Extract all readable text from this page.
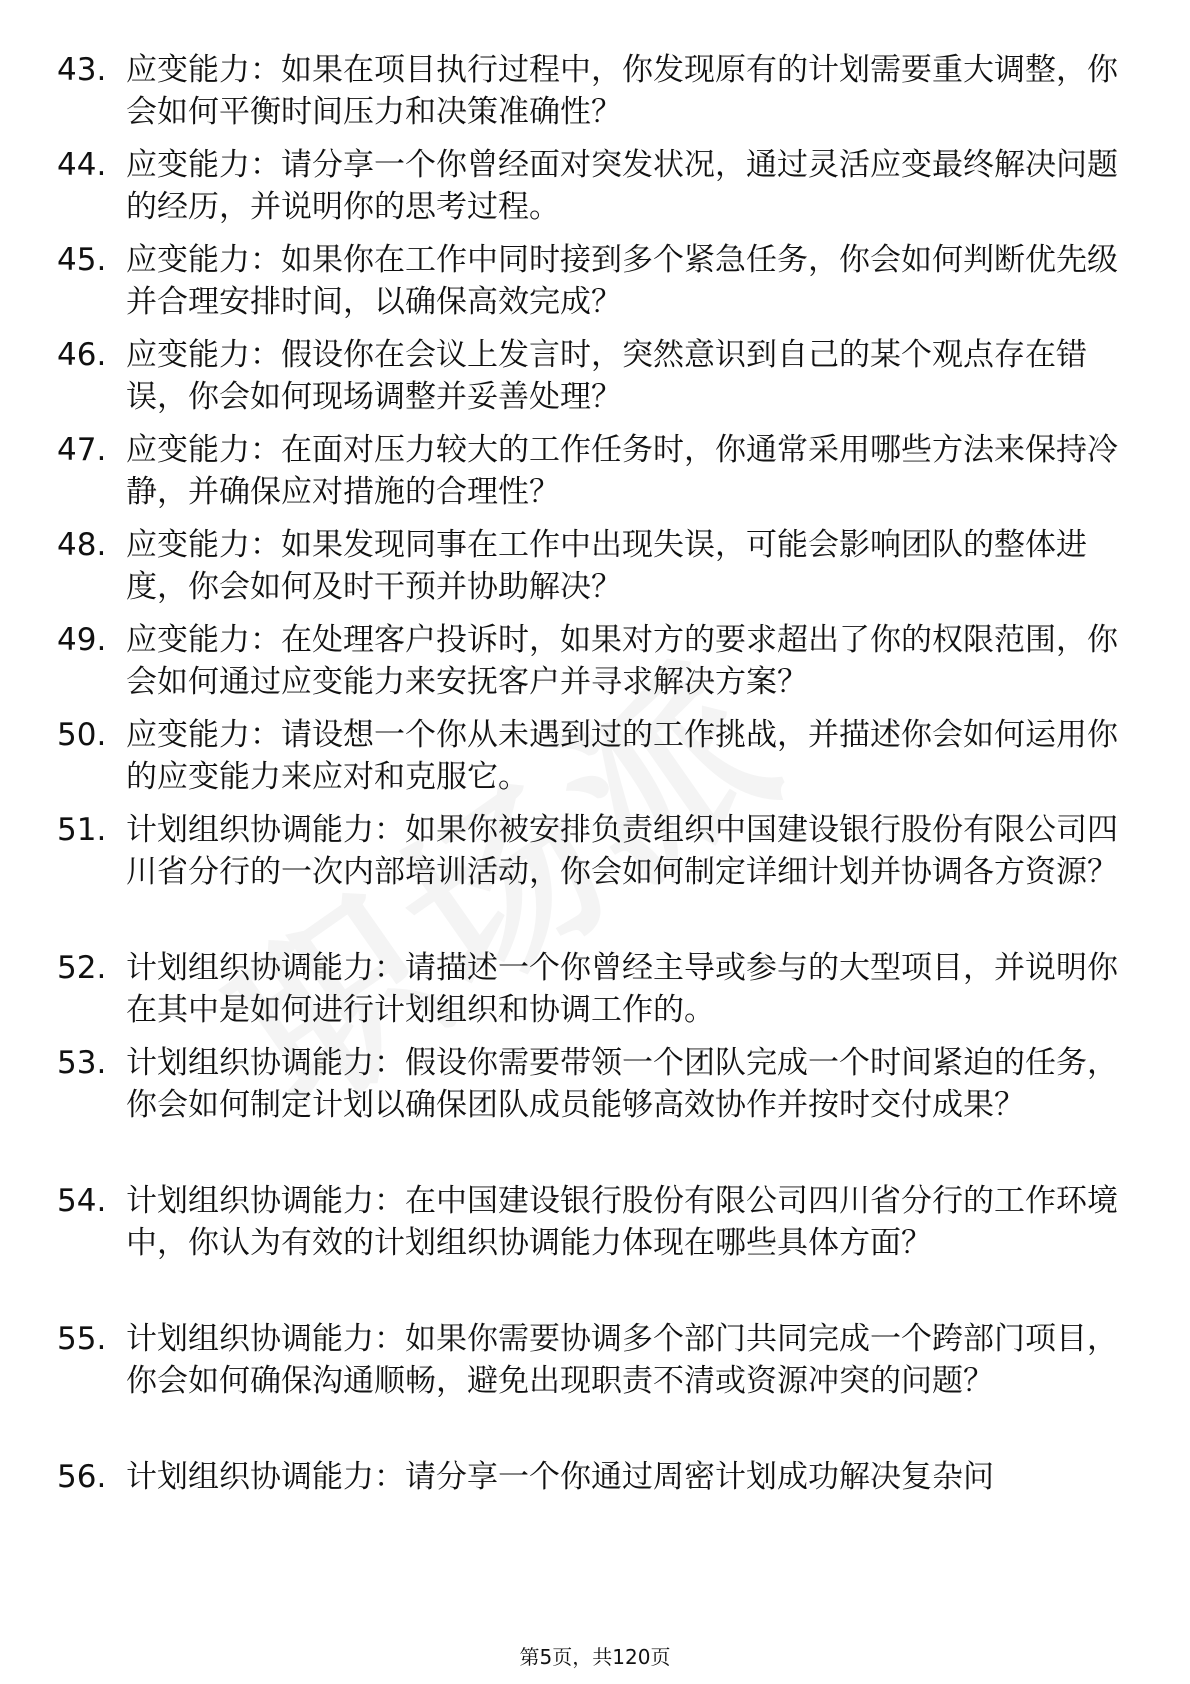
43. 应变能力：如果在项目执行过程中，你发现原有的计划需要重大调整，你会如何平衡时间压力和决策准确性？
44. 应变能力：请分享一个你曾经面对突发状况，通过灵活应变最终解决问题的经历，并说明你的思考过程。
45. 应变能力：如果你在工作中同时接到多个紧急任务，你会如何判断优先级并合理安排时间，以确保高效完成？
46. 应变能力：假设你在会议上发言时，突然意识到自己的某个观点存在错误，你会如何现场调整并妥善处理？
47. 应变能力：在面对压力较大的工作任务时，你通常采用哪些方法来保持冷静，并确保应对措施的合理性？
48. 应变能力：如果发现同事在工作中出现失误，可能会影响团队的整体进度，你会如何及时干预并协助解决？
49. 应变能力：在处理客户投诉时，如果对方的要求超出了你的权限范围，你会如何通过应变能力来安抚客户并寻求解决方案？
50. 应变能力：请设想一个你从未遇到过的工作挑战，并描述你会如何运用你的应变能力来应对和克服它。
51. 计划组织协调能力：如果你被安排负责组织中国建设银行股份有限公司四川省分行的一次内部培训活动，你会如何制定详细计划并协调各方资源？
52. 计划组织协调能力：请描述一个你曾经主导或参与的大型项目，并说明你在其中是如何进行计划组织和协调工作的。
53. 计划组织协调能力：假设你需要带领一个团队完成一个时间紧迫的任务，你会如何制定计划以确保团队成员能够高效协作并按时交付成果？
54. 计划组织协调能力：在中国建设银行股份有限公司四川省分行的工作环境中，你认为有效的计划组织协调能力体现在哪些具体方面？
55. 计划组织协调能力：如果你需要协调多个部门共同完成一个跨部门项目，你会如何确保沟通顺畅，避免出现职责不清或资源冲突的问题？
56. 计划组织协调能力：请分享一个你通过周密计划成功解决复杂问
第5页，共120页
